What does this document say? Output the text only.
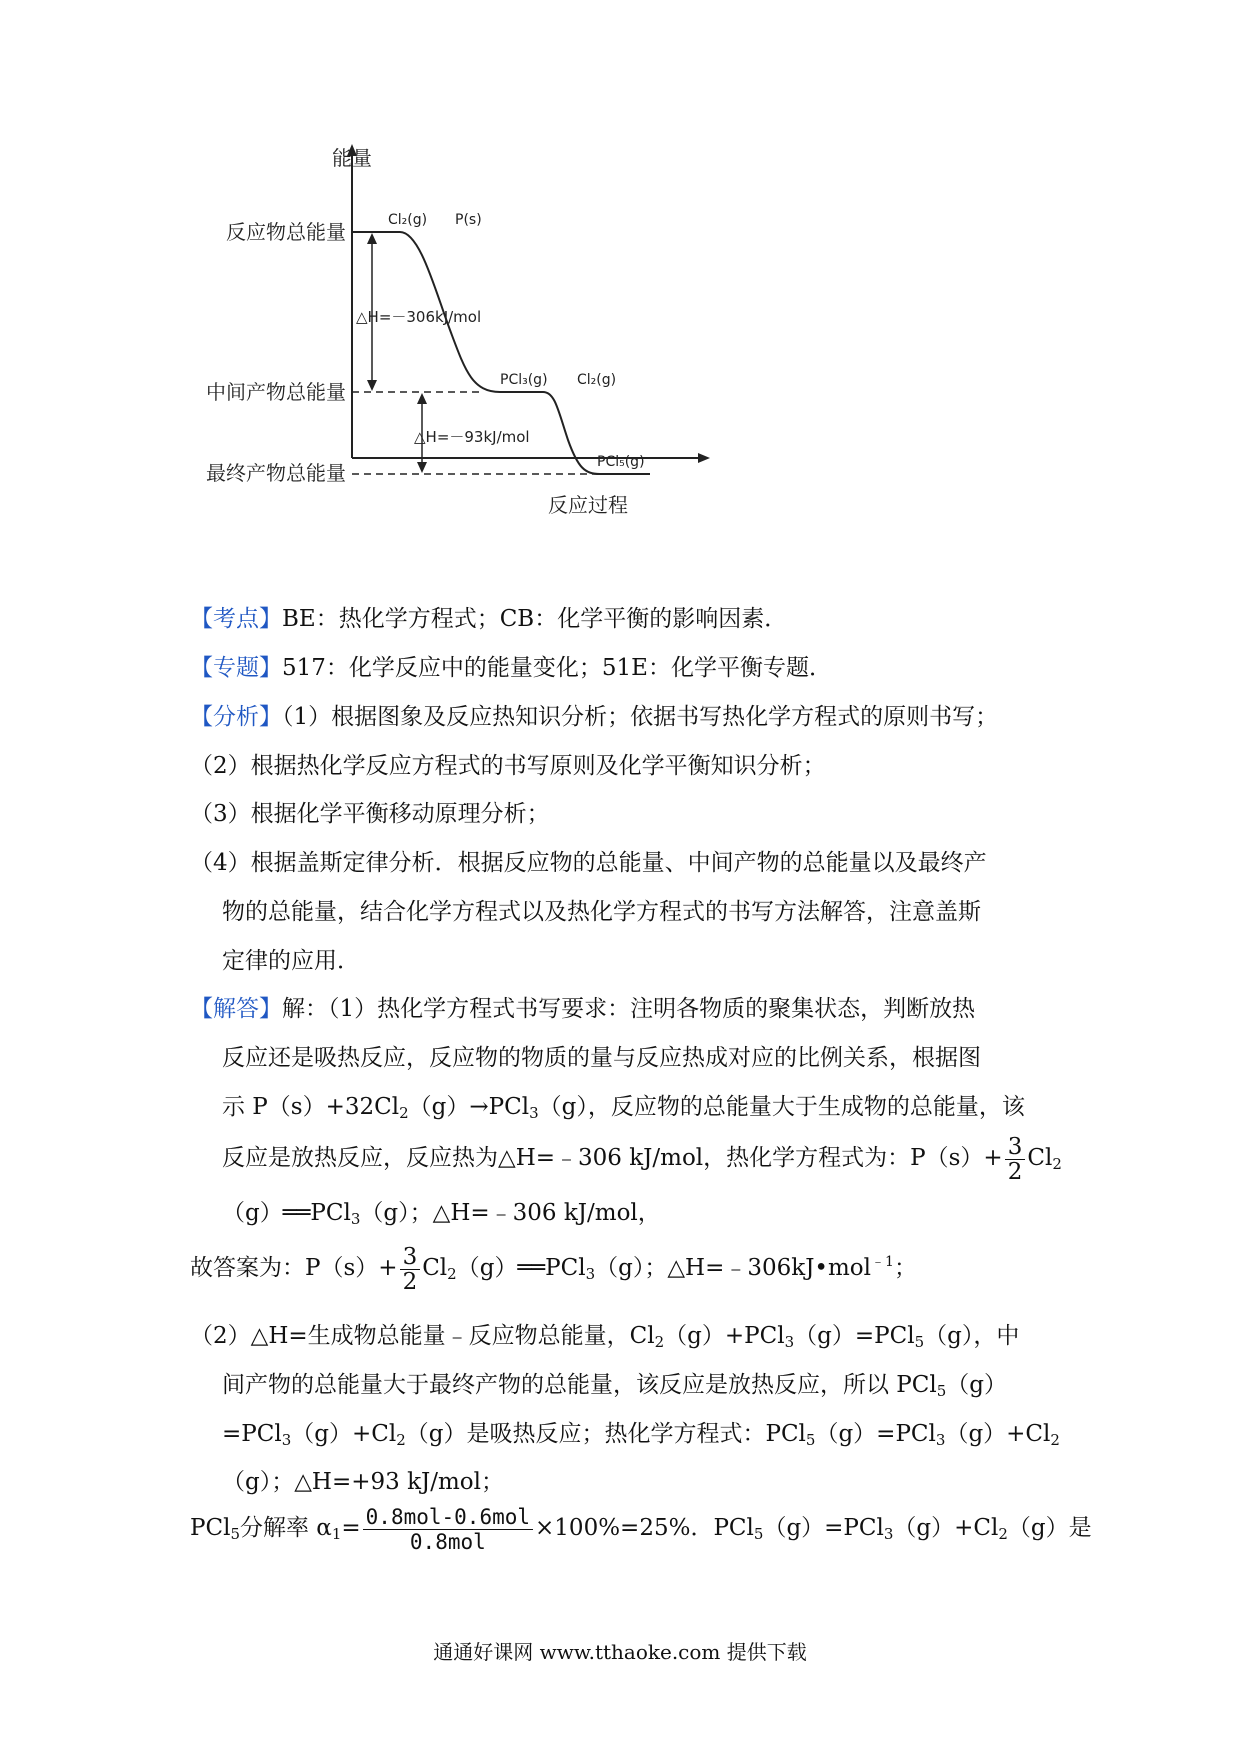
能量
反应过程
反应物总能量
中间产物总能量
最终产物总能量
Cl₂(g) P(s)
PCl₃(g) Cl₂(g)
PCl₅(g)
△H=－306kJ/mol
△H=－93kJ/mol
【考点】BE：热化学方程式；CB：化学平衡的影响因素．
【专题】517：化学反应中的能量变化；51E：化学平衡专题．
【分析】（1）根据图象及反应热知识分析；依据书写热化学方程式的原则书写；
（2）根据热化学反应方程式的书写原则及化学平衡知识分析；
（3）根据化学平衡移动原理分析；
（4）根据盖斯定律分析．根据反应物的总能量、中间产物的总能量以及最终产
物的总能量，结合化学方程式以及热化学方程式的书写方法解答，注意盖斯
定律的应用．
【解答】解：（1）热化学方程式书写要求：注明各物质的聚集状态，判断放热
反应还是吸热反应，反应物的物质的量与反应热成对应的比例关系，根据图
示 $P(s)+32Cl_2(g)\to PCl_3(g)$，反应物的总能量大于生成物的总能量，该
反应是放热反应，反应热为△H=﹣306 kJ/mol，热化学方程式为：$P(s)+ \frac{3}{2} Cl_2$
（g）══PCl$_3$（g）；△H=﹣306 kJ/mol，
故答案为：$P(s)+ \frac{3}{2}$ $Cl_2(g)══PCl_3(g)$；△H=﹣306kJ•mol$^{﹣1}$；
（2）△H=生成物总能量﹣反应物总能量，$Cl_2(g)+PCl_3(g)=PCl_5(g)$，中
间产物的总能量大于最终产物的总能量，该反应是放热反应，所以 PCl$_5$（g）
$=PCl_3(g)+Cl_2(g)$是吸热反应；热化学方程式：$PCl_5(g)=PCl_3(g)+Cl_2$
（g）；△H=+93 kJ/mol；
PCl$_5$分解率 $\alpha_1= \frac{\text{0.8mol-0.6mol}}{\text{0.8mol}} \times 100\%=25\%$．$PCl_5(g)=PCl_3(g)+Cl_2(g)$是
通通好课网 www.tthaoke.com 提供下载
